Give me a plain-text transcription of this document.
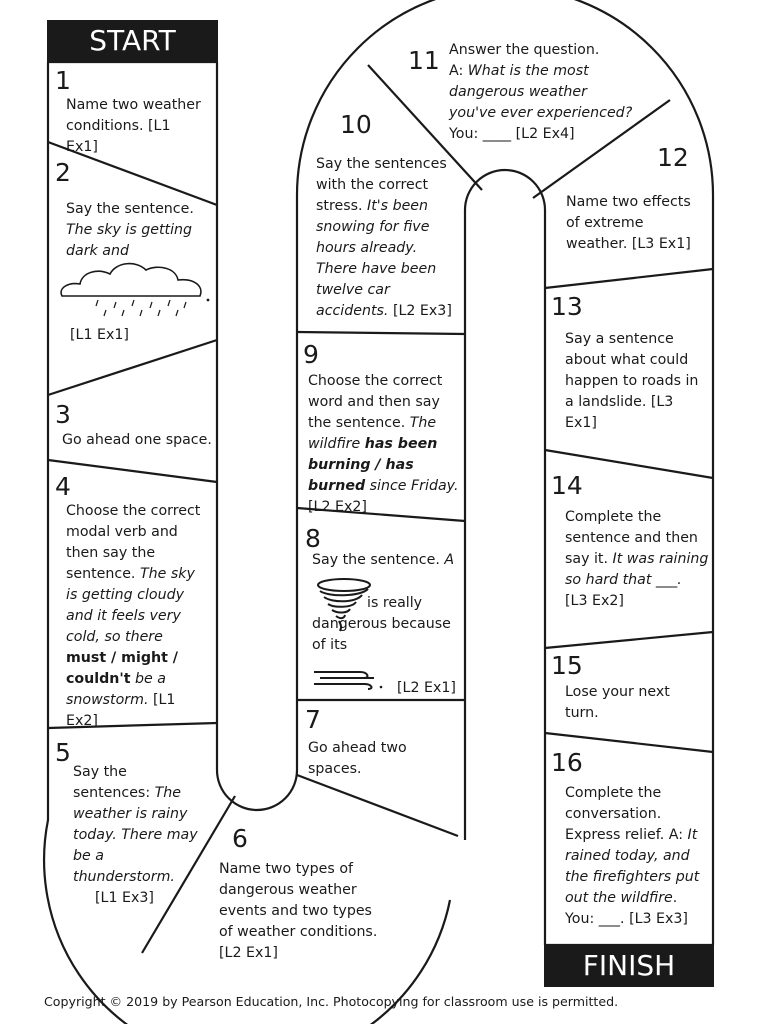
START
FINISH
1
Name two weather conditions. [L1 Ex1]
2
Say the sentence. The sky is getting dark and
[L1 Ex1]
3
Go ahead one space.
4
Choose the correct modal verb and then say the sentence. The sky is getting cloudy and it feels very cold, so there must / might / couldn't be a snowstorm. [L1 Ex2]
5
Say the sentences: The weather is rainy today. There may be a thunderstorm.
[L1 Ex3]
6
Name two types of dangerous weather events and two types of weather conditions.
[L2 Ex1]
7
Go ahead two spaces.
8
Say the sentence. A
is really dangerous because of its
[L2 Ex1]
9
Choose the correct word and then say the sentence. The wildfire has been burning / has burned since Friday. [L2 Ex2]
10
Say the sentences with the correct stress. It's been snowing for five hours already. There have been twelve car accidents. [L2 Ex3]
11 Answer the question.
A: What is the most dangerous weather you've ever experienced? You: ____ [L2 Ex4]
12
Name two effects of extreme weather. [L3 Ex1]
13
Say a sentence about what could happen to roads in a landslide. [L3 Ex1]
14
Complete the sentence and then say it. It was raining so hard that ___.
[L3 Ex2]
15
Lose your next turn.
16
Complete the conversation. Express relief. A: It rained today, and the firefighters put out the wildfire. You: ___. [L3 Ex3]
Copyright © 2019 by Pearson Education, Inc. Photocopying for classroom use is permitted.
